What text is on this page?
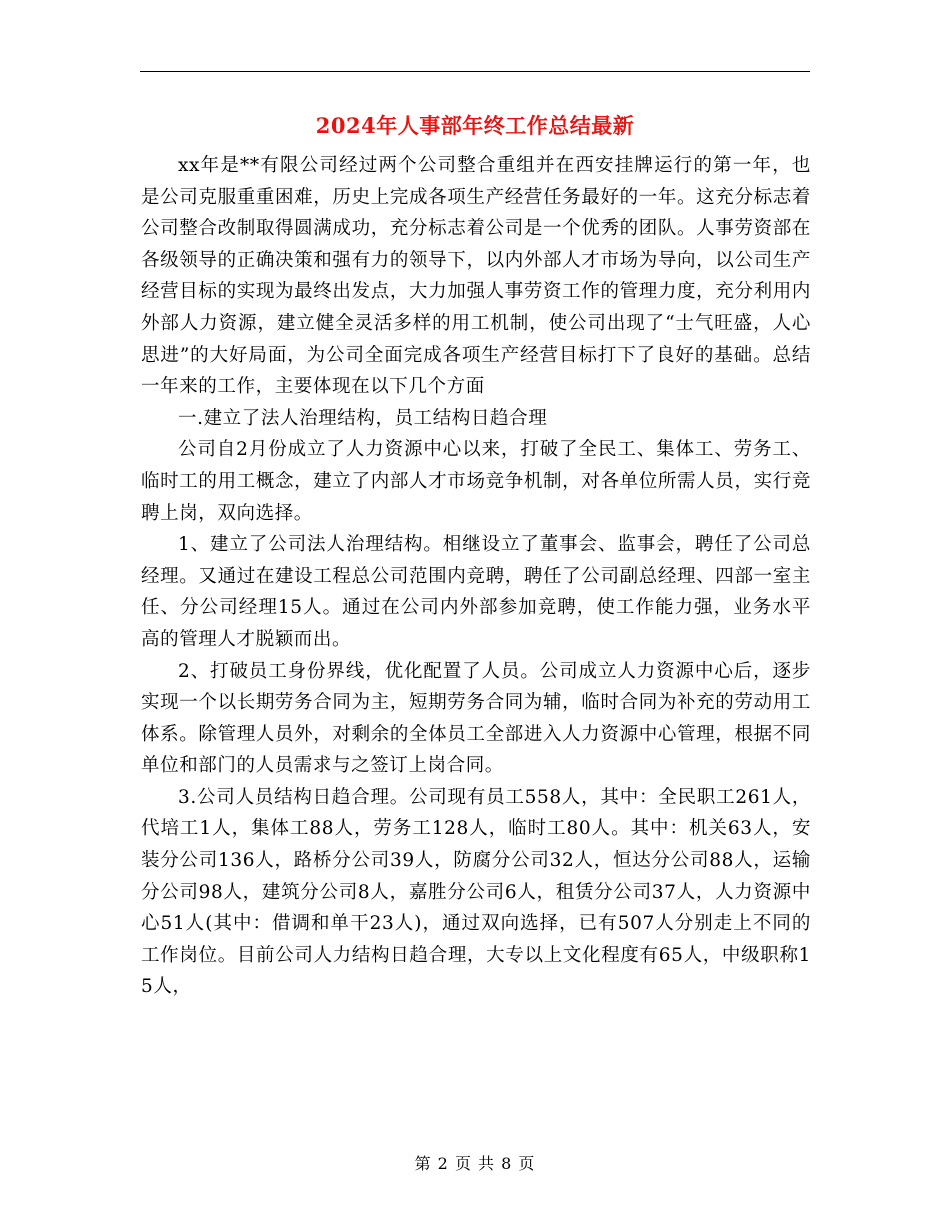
2024年人事部年终工作总结最新

xx年是**有限公司经过两个公司整合重组并在西安挂牌运行的第一年，也是公司克服重重困难，历史上完成各项生产经营任务最好的一年。这充分标志着公司整合改制取得圆满成功，充分标志着公司是一个优秀的团队。人事劳资部在各级领导的正确决策和强有力的领导下，以内外部人才市场为导向，以公司生产经营目标的实现为最终出发点，大力加强人事劳资工作的管理力度，充分利用内外部人力资源，建立健全灵活多样的用工机制，使公司出现了“士气旺盛，人心思进”的大好局面，为公司全面完成各项生产经营目标打下了良好的基础。总结一年来的工作，主要体现在以下几个方面

一.建立了法人治理结构，员工结构日趋合理

公司自2月份成立了人力资源中心以来，打破了全民工、集体工、劳务工、临时工的用工概念，建立了内部人才市场竞争机制，对各单位所需人员，实行竞聘上岗，双向选择。

1、建立了公司法人治理结构。相继设立了董事会、监事会，聘任了公司总经理。又通过在建设工程总公司范围内竞聘，聘任了公司副总经理、四部一室主任、分公司经理15人。通过在公司内外部参加竞聘，使工作能力强，业务水平高的管理人才脱颖而出。

2、打破员工身份界线，优化配置了人员。公司成立人力资源中心后，逐步实现一个以长期劳务合同为主，短期劳务合同为辅，临时合同为补充的劳动用工体系。除管理人员外，对剩余的全体员工全部进入人力资源中心管理，根据不同单位和部门的人员需求与之签订上岗合同。

3.公司人员结构日趋合理。公司现有员工558人，其中：全民职工261人，代培工1人，集体工88人，劳务工128人，临时工80人。其中：机关63人，安装分公司136人，路桥分公司39人，防腐分公司32人，恒达分公司88人，运输分公司98人，建筑分公司8人，嘉胜分公司6人，租赁分公司37人，人力资源中心51人(其中：借调和单干23人)，通过双向选择，已有507人分别走上不同的工作岗位。目前公司人力结构日趋合理，大专以上文化程度有65人，中级职称15人，

第 2 页 共 8 页
